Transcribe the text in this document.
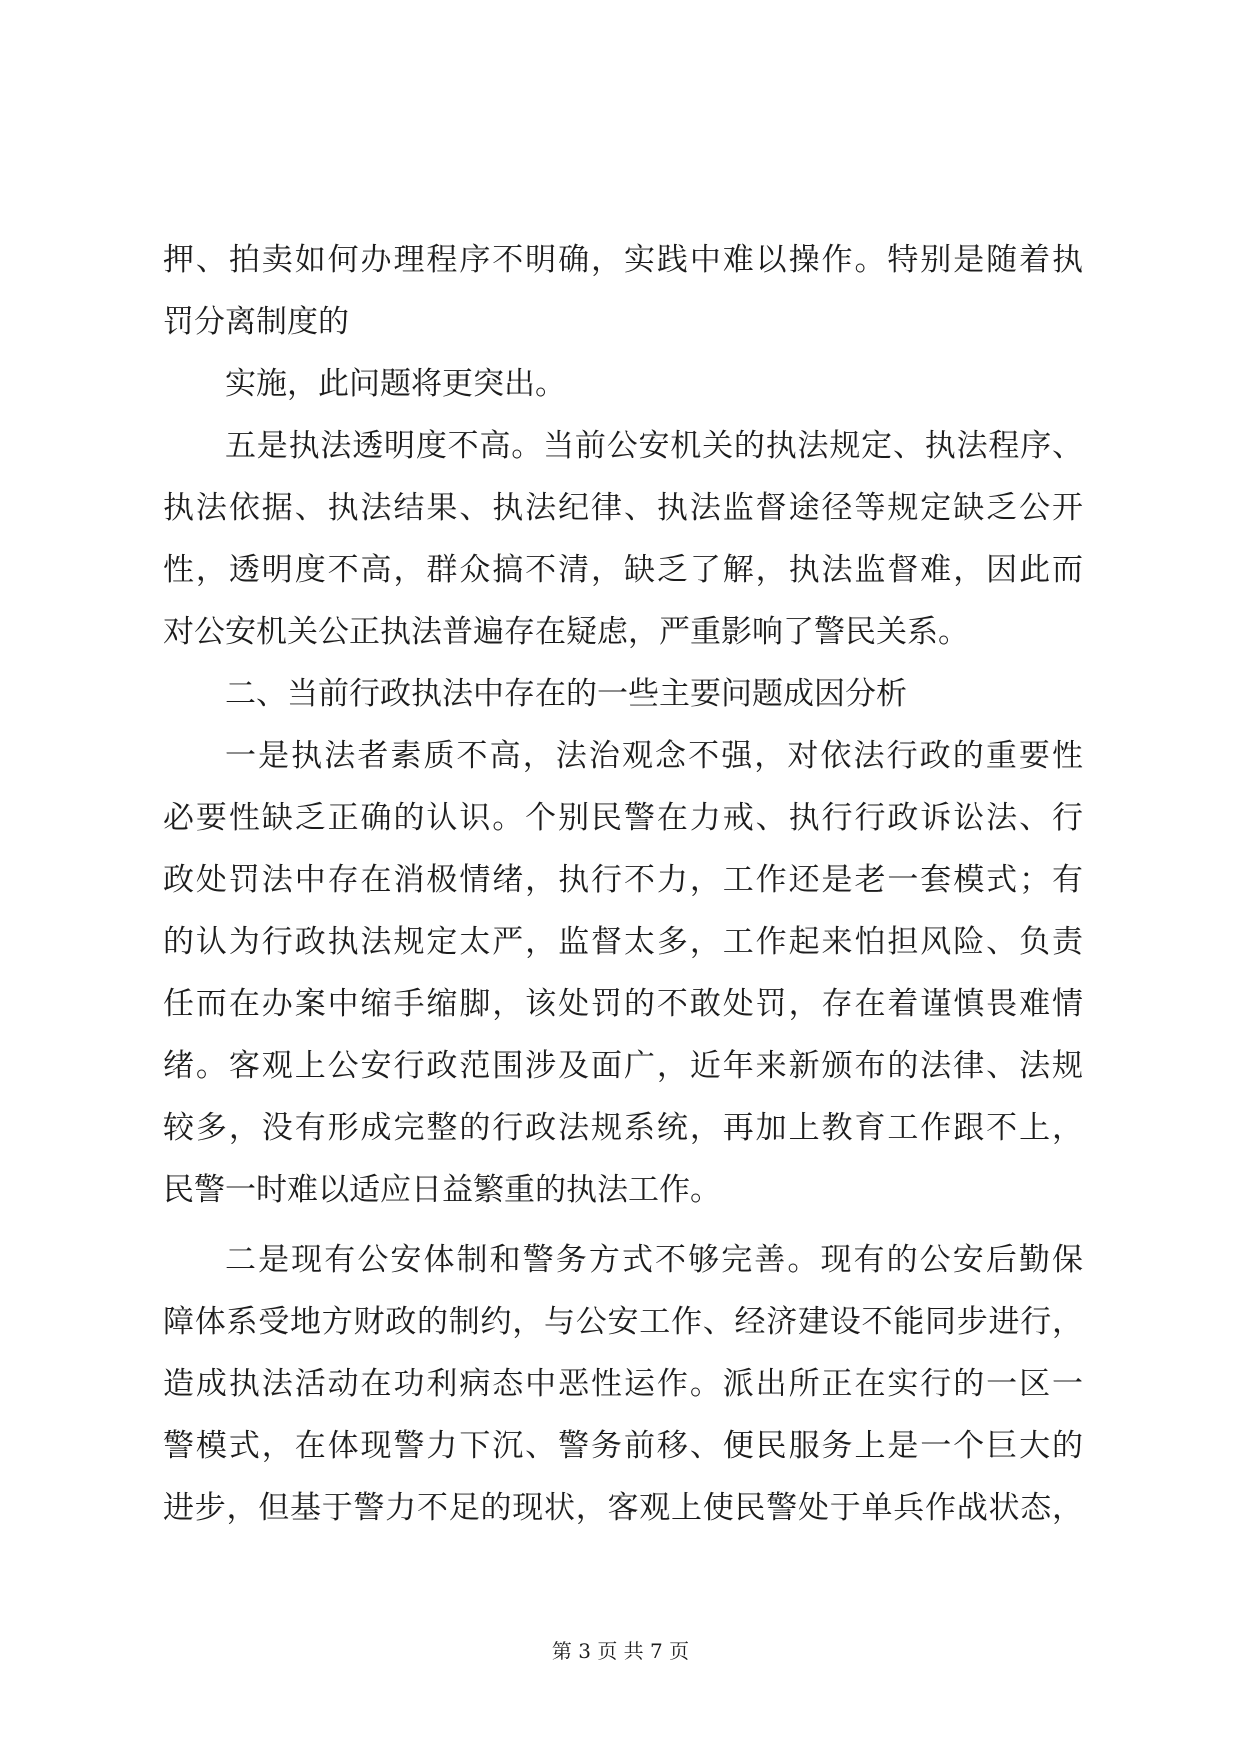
押、拍卖如何办理程序不明确，实践中难以操作。特别是随着执
罚分离制度的
实施，此问题将更突出。
五是执法透明度不高。当前公安机关的执法规定、执法程序、
执法依据、执法结果、执法纪律、执法监督途径等规定缺乏公开
性，透明度不高，群众搞不清，缺乏了解，执法监督难，因此而
对公安机关公正执法普遍存在疑虑，严重影响了警民关系。
二、当前行政执法中存在的一些主要问题成因分析
一是执法者素质不高，法治观念不强，对依法行政的重要性
必要性缺乏正确的认识。个别民警在力戒、执行行政诉讼法、行
政处罚法中存在消极情绪，执行不力，工作还是老一套模式；有
的认为行政执法规定太严，监督太多，工作起来怕担风险、负责
任而在办案中缩手缩脚，该处罚的不敢处罚，存在着谨慎畏难情
绪。客观上公安行政范围涉及面广，近年来新颁布的法律、法规
较多，没有形成完整的行政法规系统，再加上教育工作跟不上，
民警一时难以适应日益繁重的执法工作。
二是现有公安体制和警务方式不够完善。现有的公安后勤保
障体系受地方财政的制约，与公安工作、经济建设不能同步进行，
造成执法活动在功利病态中恶性运作。派出所正在实行的一区一
警模式，在体现警力下沉、警务前移、便民服务上是一个巨大的
进步，但基于警力不足的现状，客观上使民警处于单兵作战状态，
第 3 页 共 7 页
